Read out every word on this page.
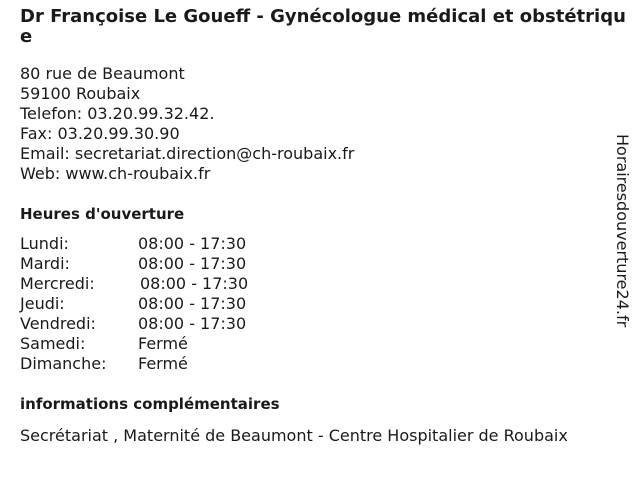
Dr Françoise Le Goueff - Gynécologue médical et obstétrique
80 rue de Beaumont
59100 Roubaix
Telefon: 03.20.99.32.42.
Fax: 03.20.99.30.90
Email: secretariat.direction@ch-roubaix.fr
Web: www.ch-roubaix.fr
Heures d'ouverture
Lundi:	08:00 - 17:30
Mardi:	08:00 - 17:30
Mercredi:	08:00 - 17:30
Jeudi:	08:00 - 17:30
Vendredi:	08:00 - 17:30
Samedi:	Fermé
Dimanche: Fermé
informations complémentaires
Secrétariat , Maternité de Beaumont - Centre Hospitalier de Roubaix
Horairesdouverture24.fr
